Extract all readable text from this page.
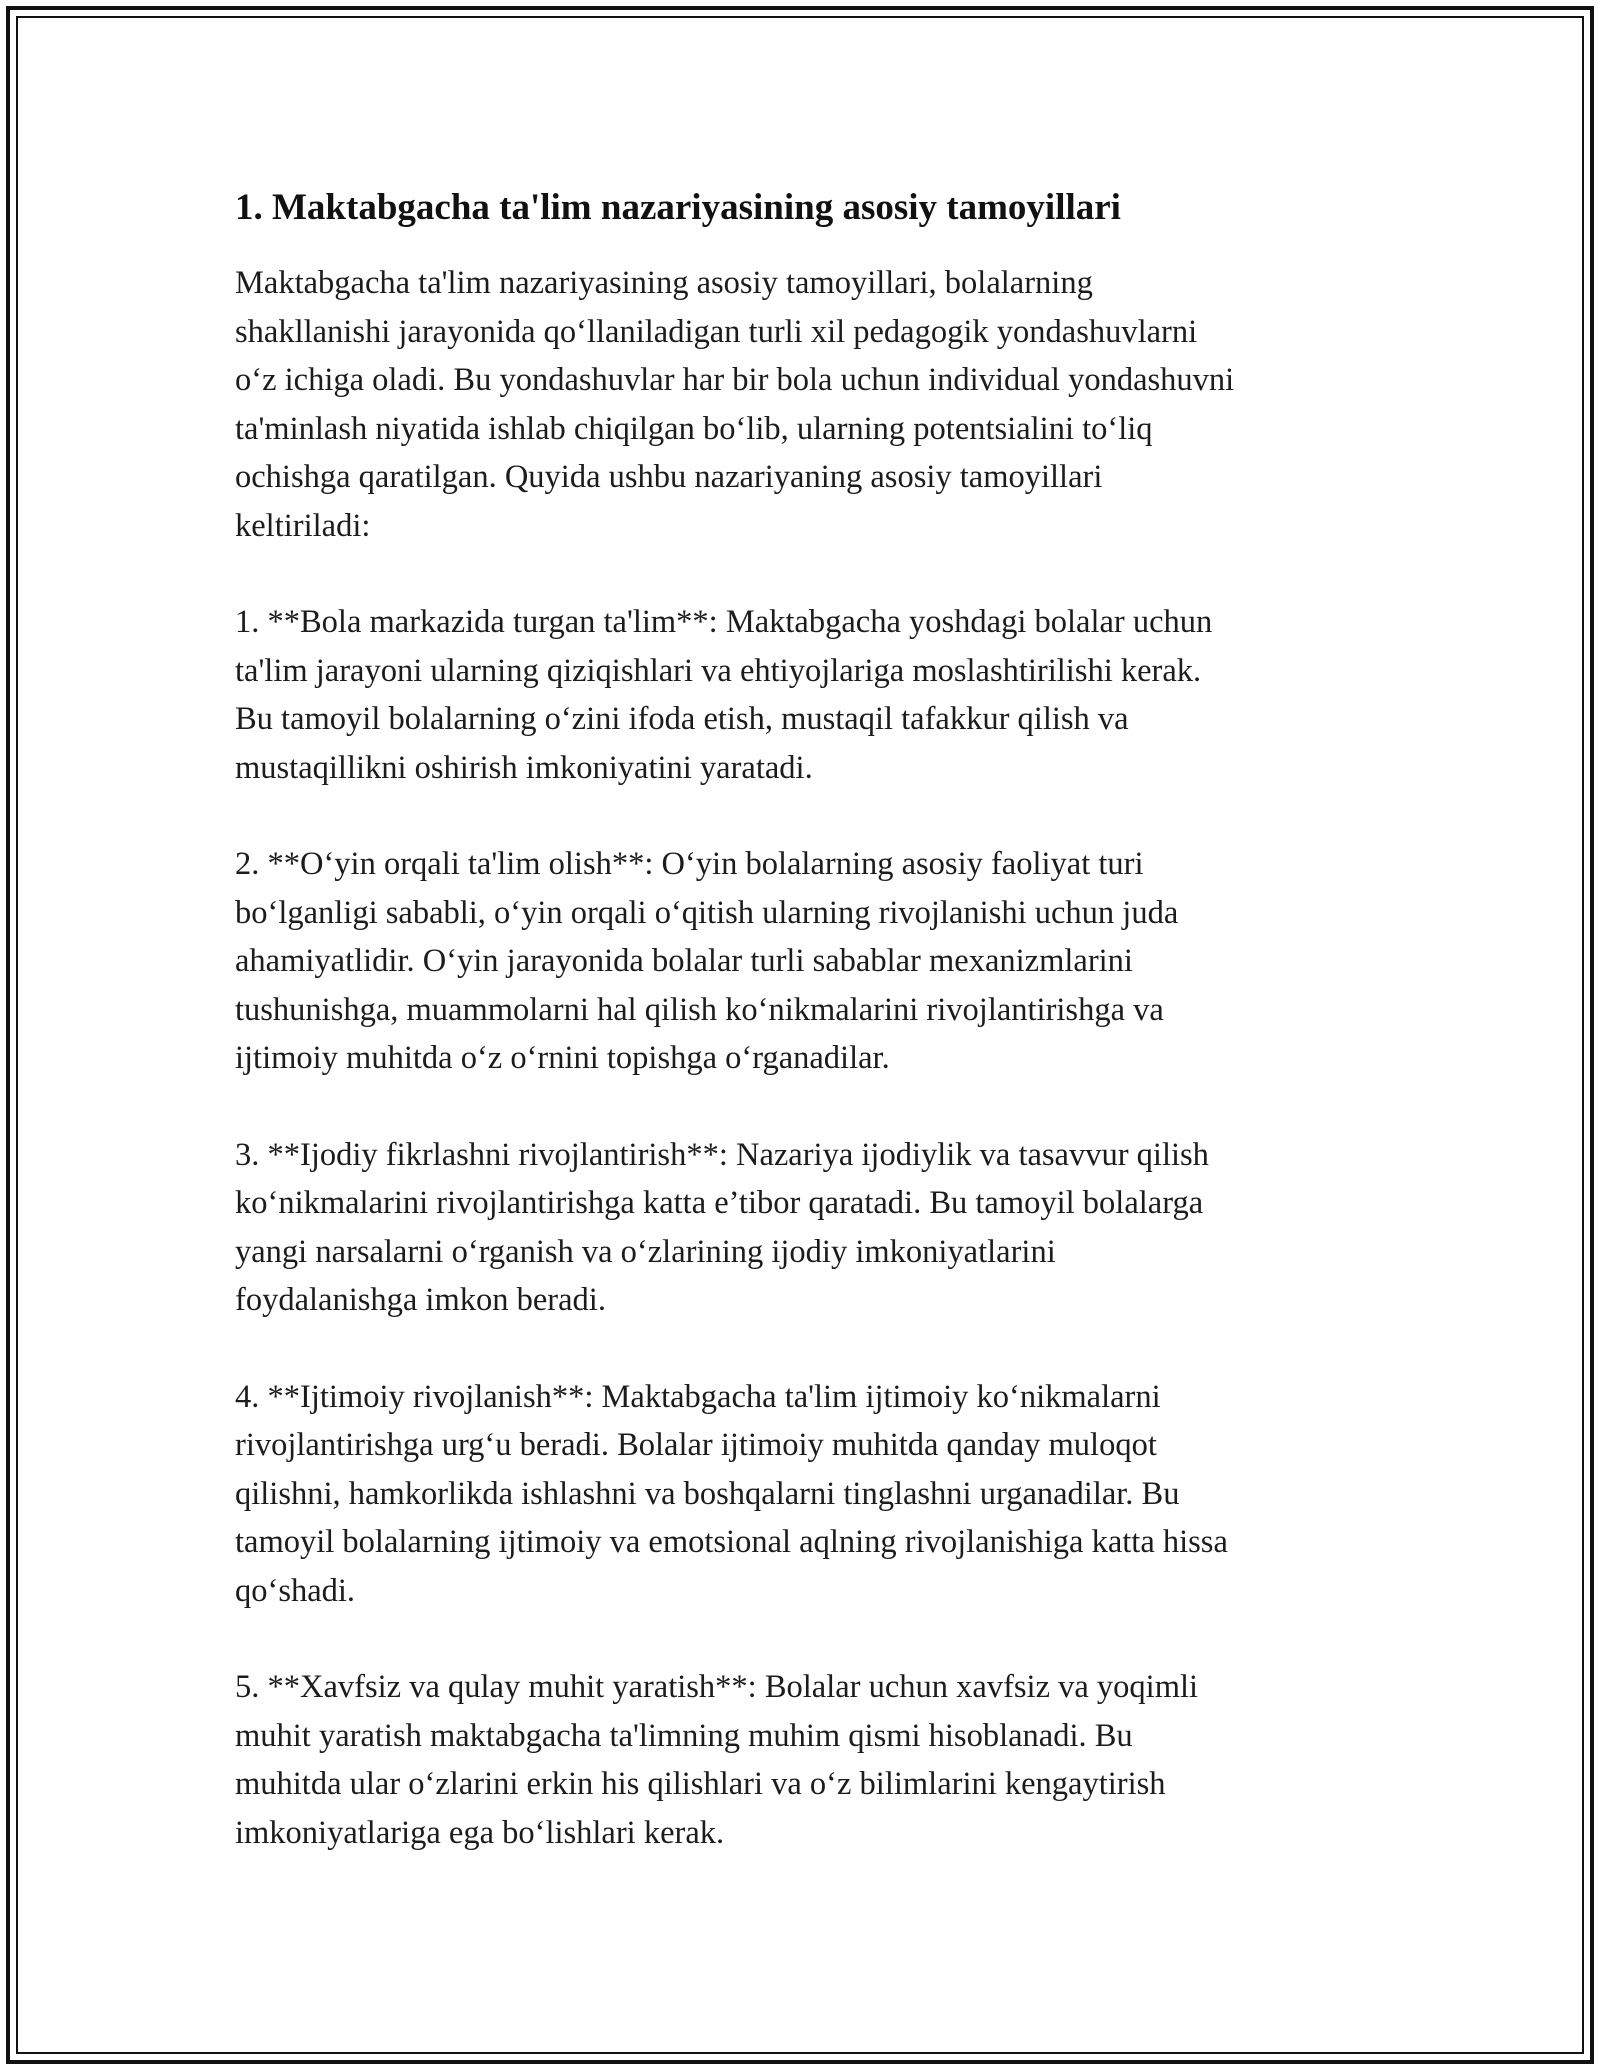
1. Maktabgacha ta'lim nazariyasining asosiy tamoyillari

Maktabgacha ta'lim nazariyasining asosiy tamoyillari, bolalarning
shakllanishi jarayonida qo‘llaniladigan turli xil pedagogik yondashuvlarni
o‘z ichiga oladi. Bu yondashuvlar har bir bola uchun individual yondashuvni
ta'minlash niyatida ishlab chiqilgan bo‘lib, ularning potentsialini to‘liq
ochishga qaratilgan. Quyida ushbu nazariyaning asosiy tamoyillari
keltiriladi:

1. **Bola markazida turgan ta'lim**: Maktabgacha yoshdagi bolalar uchun
ta'lim jarayoni ularning qiziqishlari va ehtiyojlariga moslashtirilishi kerak.
Bu tamoyil bolalarning o‘zini ifoda etish, mustaqil tafakkur qilish va
mustaqillikni oshirish imkoniyatini yaratadi.

2. **O‘yin orqali ta'lim olish**: O‘yin bolalarning asosiy faoliyat turi
bo‘lganligi sababli, o‘yin orqali o‘qitish ularning rivojlanishi uchun juda
ahamiyatlidir. O‘yin jarayonida bolalar turli sabablar mexanizmlarini
tushunishga, muammolarni hal qilish ko‘nikmalarini rivojlantirishga va
ijtimoiy muhitda o‘z o‘rnini topishga o‘rganadilar.

3. **Ijodiy fikrlashni rivojlantirish**: Nazariya ijodiylik va tasavvur qilish
ko‘nikmalarini rivojlantirishga katta e’tibor qaratadi. Bu tamoyil bolalarga
yangi narsalarni o‘rganish va o‘zlarining ijodiy imkoniyatlarini
foydalanishga imkon beradi.

4. **Ijtimoiy rivojlanish**: Maktabgacha ta'lim ijtimoiy ko‘nikmalarni
rivojlantirishga urg‘u beradi. Bolalar ijtimoiy muhitda qanday muloqot
qilishni, hamkorlikda ishlashni va boshqalarni tinglashni urganadilar. Bu
tamoyil bolalarning ijtimoiy va emotsional aqlning rivojlanishiga katta hissa
qo‘shadi.

5. **Xavfsiz va qulay muhit yaratish**: Bolalar uchun xavfsiz va yoqimli
muhit yaratish maktabgacha ta'limning muhim qismi hisoblanadi. Bu
muhitda ular o‘zlarini erkin his qilishlari va o‘z bilimlarini kengaytirish
imkoniyatlariga ega bo‘lishlari kerak.
